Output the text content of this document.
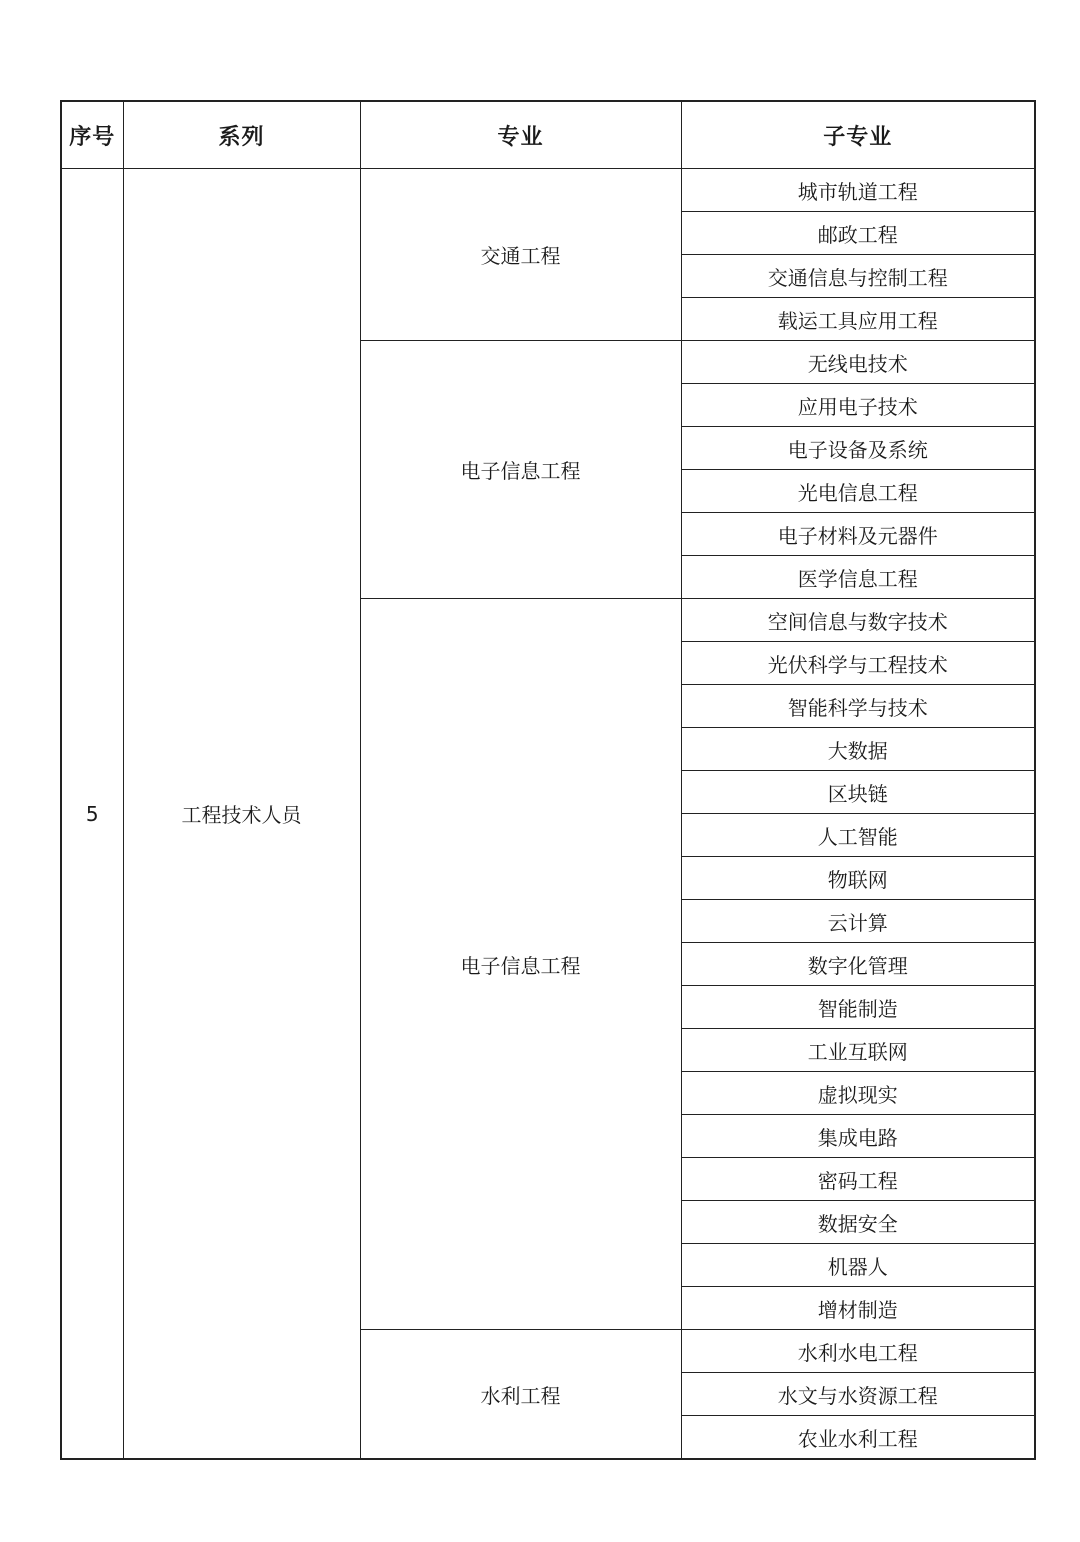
序号	系列	专业	子专业
5	工程技术人员	交通工程	城市轨道工程
			邮政工程
			交通信息与控制工程
			载运工具应用工程
		电子信息工程	无线电技术
			应用电子技术
			电子设备及系统
			光电信息工程
			电子材料及元器件
			医学信息工程
		电子信息工程	空间信息与数字技术
			光伏科学与工程技术
			智能科学与技术
			大数据
			区块链
			人工智能
			物联网
			云计算
			数字化管理
			智能制造
			工业互联网
			虚拟现实
			集成电路
			密码工程
			数据安全
			机器人
			增材制造
		水利工程	水利水电工程
			水文与水资源工程
			农业水利工程
